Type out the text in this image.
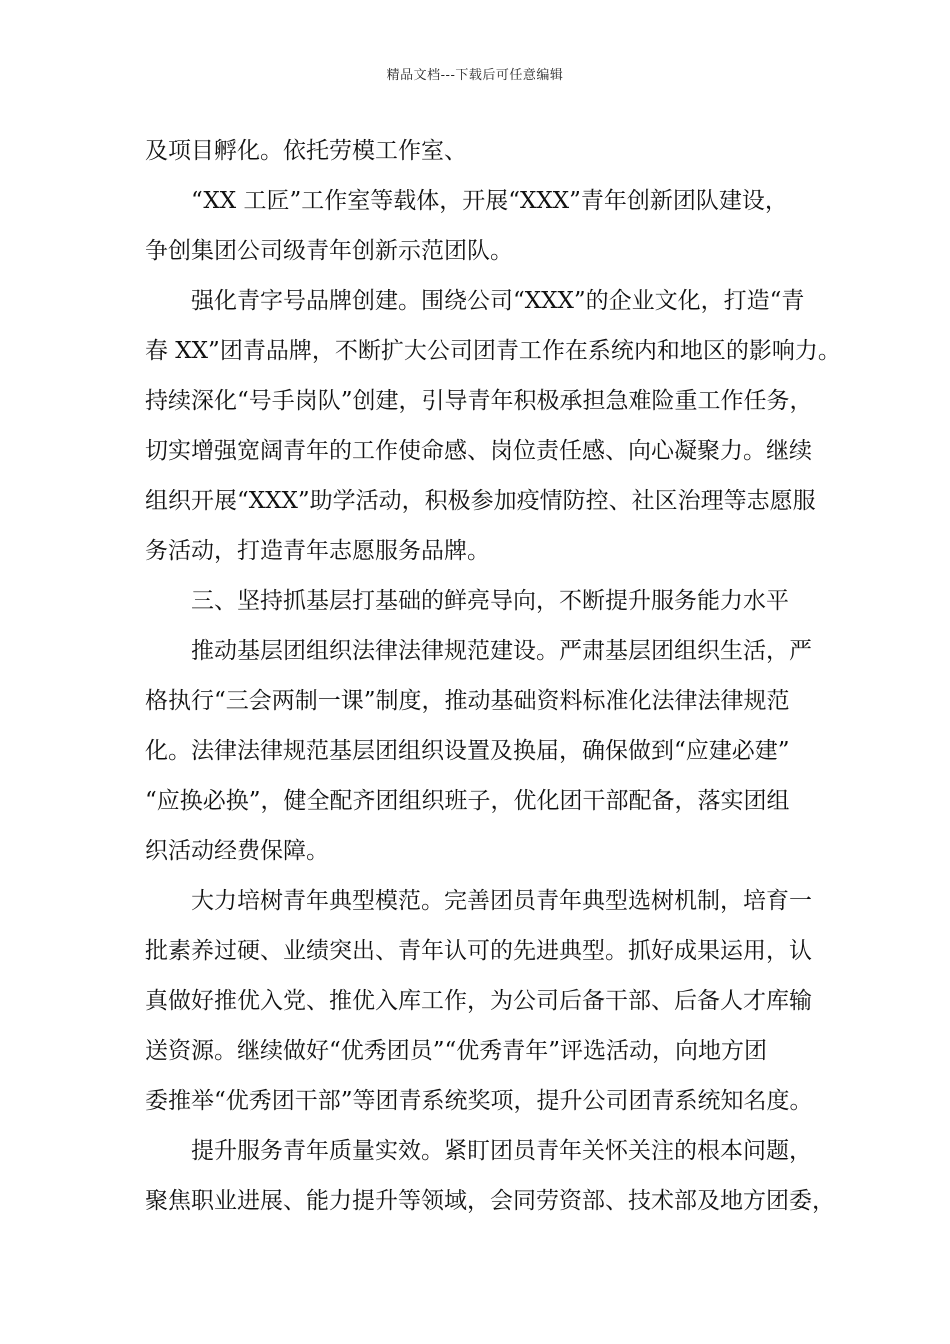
精品文档---下载后可任意编辑
及项目孵化。依托劳模工作室、
“XX 工匠”工作室等载体，开展“XXX”青年创新团队建设，
争创集团公司级青年创新示范团队。
强化青字号品牌创建。围绕公司“XXX”的企业文化，打造“青
春 XX”团青品牌，不断扩大公司团青工作在系统内和地区的影响力。
持续深化“号手岗队”创建，引导青年积极承担急难险重工作任务，
切实增强宽阔青年的工作使命感、岗位责任感、向心凝聚力。继续
组织开展“XXX”助学活动，积极参加疫情防控、社区治理等志愿服
务活动，打造青年志愿服务品牌。
三、坚持抓基层打基础的鲜亮导向，不断提升服务能力水平
推动基层团组织法律法律规范建设。严肃基层团组织生活，严
格执行“三会两制一课”制度，推动基础资料标准化法律法律规范
化。法律法律规范基层团组织设置及换届，确保做到“应建必建”
“应换必换”，健全配齐团组织班子，优化团干部配备，落实团组
织活动经费保障。
大力培树青年典型模范。完善团员青年典型选树机制，培育一
批素养过硬、业绩突出、青年认可的先进典型。抓好成果运用，认
真做好推优入党、推优入库工作，为公司后备干部、后备人才库输
送资源。继续做好“优秀团员”“优秀青年”评选活动，向地方团
委推举“优秀团干部”等团青系统奖项，提升公司团青系统知名度。
提升服务青年质量实效。紧盯团员青年关怀关注的根本问题，
聚焦职业进展、能力提升等领域，会同劳资部、技术部及地方团委，
